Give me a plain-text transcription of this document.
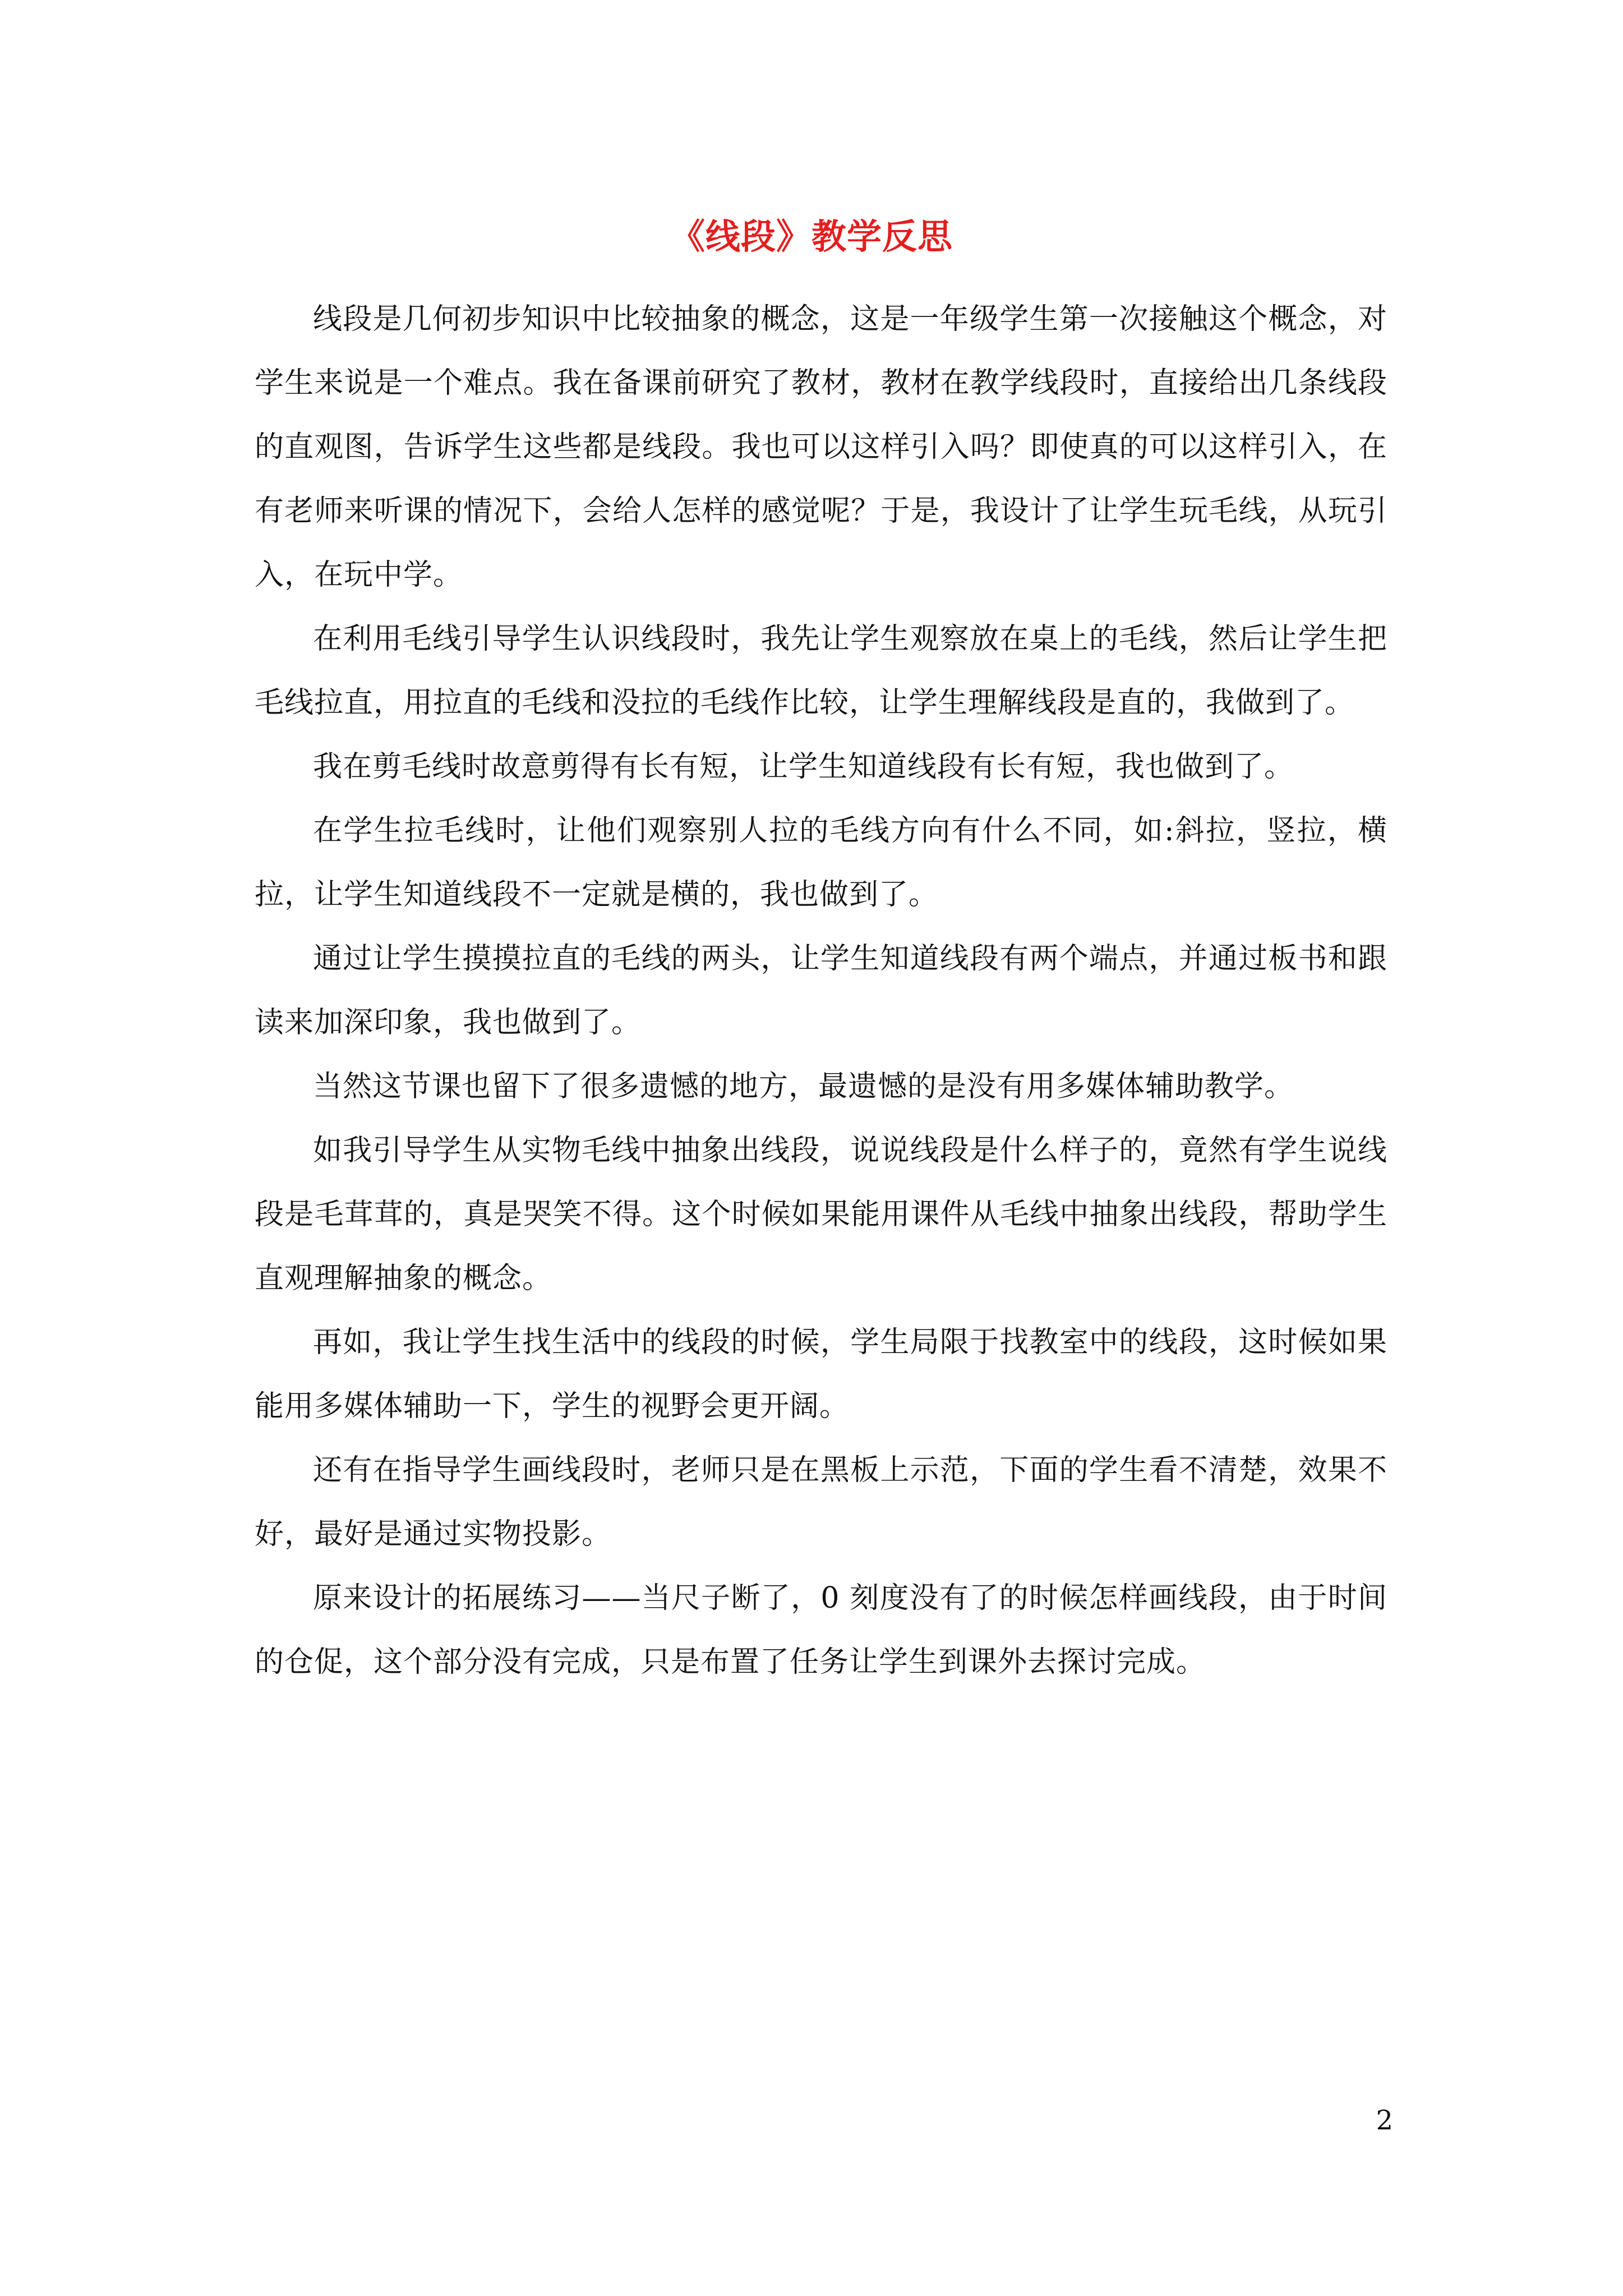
《线段》教学反思

线段是几何初步知识中比较抽象的概念，这是一年级学生第一次接触这个概念，对学生来说是一个难点。我在备课前研究了教材，教材在教学线段时，直接给出几条线段的直观图，告诉学生这些都是线段。我也可以这样引入吗？即使真的可以这样引入，在有老师来听课的情况下，会给人怎样的感觉呢？于是，我设计了让学生玩毛线，从玩引入，在玩中学。

在利用毛线引导学生认识线段时，我先让学生观察放在桌上的毛线，然后让学生把毛线拉直，用拉直的毛线和没拉的毛线作比较，让学生理解线段是直的，我做到了。

我在剪毛线时故意剪得有长有短，让学生知道线段有长有短，我也做到了。

在学生拉毛线时，让他们观察别人拉的毛线方向有什么不同，如:斜拉，竖拉，横拉，让学生知道线段不一定就是横的，我也做到了。

通过让学生摸摸拉直的毛线的两头，让学生知道线段有两个端点，并通过板书和跟读来加深印象，我也做到了。

当然这节课也留下了很多遗憾的地方，最遗憾的是没有用多媒体辅助教学。

如我引导学生从实物毛线中抽象出线段，说说线段是什么样子的，竟然有学生说线段是毛茸茸的，真是哭笑不得。这个时候如果能用课件从毛线中抽象出线段，帮助学生直观理解抽象的概念。

再如，我让学生找生活中的线段的时候，学生局限于找教室中的线段，这时候如果能用多媒体辅助一下，学生的视野会更开阔。

还有在指导学生画线段时，老师只是在黑板上示范，下面的学生看不清楚，效果不好，最好是通过实物投影。

原来设计的拓展练习——当尺子断了，0 刻度没有了的时候怎样画线段，由于时间的仓促，这个部分没有完成，只是布置了任务让学生到课外去探讨完成。

2
